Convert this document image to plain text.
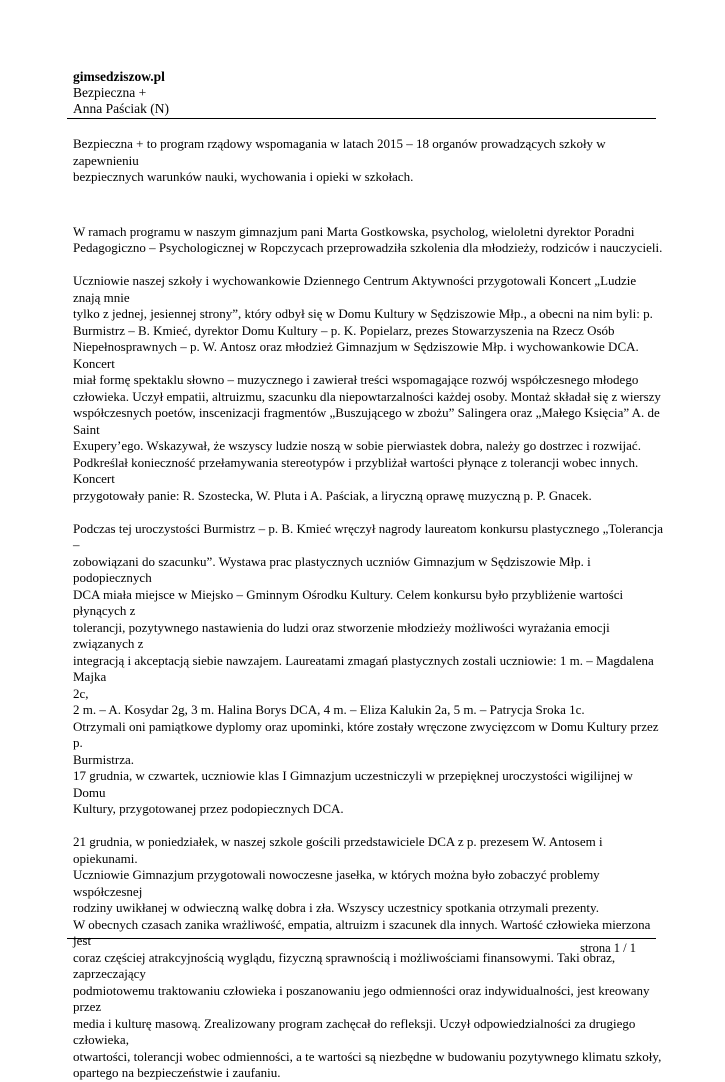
gimsedziszow.pl
Bezpieczna +
Anna Paściak (N)

Bezpieczna + to program rządowy wspomagania w latach 2015 – 18 organów prowadzących szkoły w zapewnieniu
bezpiecznych warunków nauki, wychowania i opieki w szkołach.

W ramach programu w naszym gimnazjum pani Marta Gostkowska, psycholog, wieloletni dyrektor Poradni
Pedagogiczno – Psychologicznej w Ropczycach przeprowadziła szkolenia dla młodzieży, rodziców i nauczycieli.

Uczniowie naszej szkoły i wychowankowie Dziennego Centrum Aktywności przygotowali Koncert „Ludzie znają mnie
tylko z jednej, jesiennej strony”, który odbył się w Domu Kultury w Sędziszowie Młp., a obecni na nim byli: p.
Burmistrz – B. Kmieć, dyrektor Domu Kultury – p. K. Popielarz, prezes Stowarzyszenia na Rzecz Osób
Niepełnosprawnych – p. W. Antosz oraz młodzież Gimnazjum w Sędziszowie Młp. i wychowankowie DCA. Koncert
miał formę spektaklu słowno – muzycznego i zawierał treści wspomagające rozwój współczesnego młodego
człowieka. Uczył empatii, altruizmu, szacunku dla niepowtarzalności każdej osoby. Montaż składał się z wierszy
współczesnych poetów, inscenizacji fragmentów „Buszującego w zbożu” Salingera oraz „Małego Księcia” A. de Saint
Exupery’ego. Wskazywał, że wszyscy ludzie noszą w sobie pierwiastek dobra, należy go dostrzec i rozwijać.
Podkreślał konieczność przełamywania stereotypów i przybliżał wartości płynące z tolerancji wobec innych. Koncert
przygotowały panie: R. Szostecka, W. Pluta i A. Paściak, a liryczną oprawę muzyczną p. P. Gnacek.

Podczas tej uroczystości Burmistrz – p. B. Kmieć wręczył nagrody laureatom konkursu plastycznego „Tolerancja –
zobowiązani do szacunku”. Wystawa prac plastycznych uczniów Gimnazjum w Sędziszowie Młp. i podopiecznych
DCA miała miejsce w Miejsko – Gminnym Ośrodku Kultury. Celem konkursu było przybliżenie wartości płynących z
tolerancji, pozytywnego nastawienia do ludzi oraz stworzenie młodzieży możliwości wyrażania emocji związanych z
integracją i akceptacją siebie nawzajem. Laureatami zmagań plastycznych zostali uczniowie: 1 m. – Magdalena Majka
2c,
2 m. – A. Kosydar 2g, 3 m. Halina Borys DCA, 4 m. – Eliza Kalukin 2a, 5 m. – Patrycja Sroka 1c.
Otrzymali oni pamiątkowe dyplomy oraz upominki, które zostały wręczone zwycięzcom w Domu Kultury przez p.
Burmistrza.
17 grudnia, w czwartek, uczniowie klas I Gimnazjum uczestniczyli w przepięknej uroczystości wigilijnej w Domu
Kultury, przygotowanej przez podopiecznych DCA.

21 grudnia, w poniedziałek, w naszej szkole gościli przedstawiciele DCA z p. prezesem W. Antosem i opiekunami.
Uczniowie Gimnazjum przygotowali nowoczesne jasełka, w których można było zobaczyć problemy współczesnej
rodziny uwikłanej w odwieczną walkę dobra i zła. Wszyscy uczestnicy spotkania otrzymali prezenty.
W obecnych czasach zanika wrażliwość, empatia, altruizm i szacunek dla innych. Wartość człowieka mierzona jest
coraz częściej atrakcyjnością wyglądu, fizyczną sprawnością i możliwościami finansowymi. Taki obraz, zaprzeczający
podmiotowemu traktowaniu człowieka i poszanowaniu jego odmienności oraz indywidualności, jest kreowany przez
media i kulturę masową. Zrealizowany program zachęcał do refleksji. Uczył odpowiedzialności za drugiego człowieka,
otwartości, tolerancji wobec odmienności, a te wartości są niezbędne w budowaniu pozytywnego klimatu szkoły,
opartego na bezpieczeństwie i zaufaniu.

strona 1 / 1
